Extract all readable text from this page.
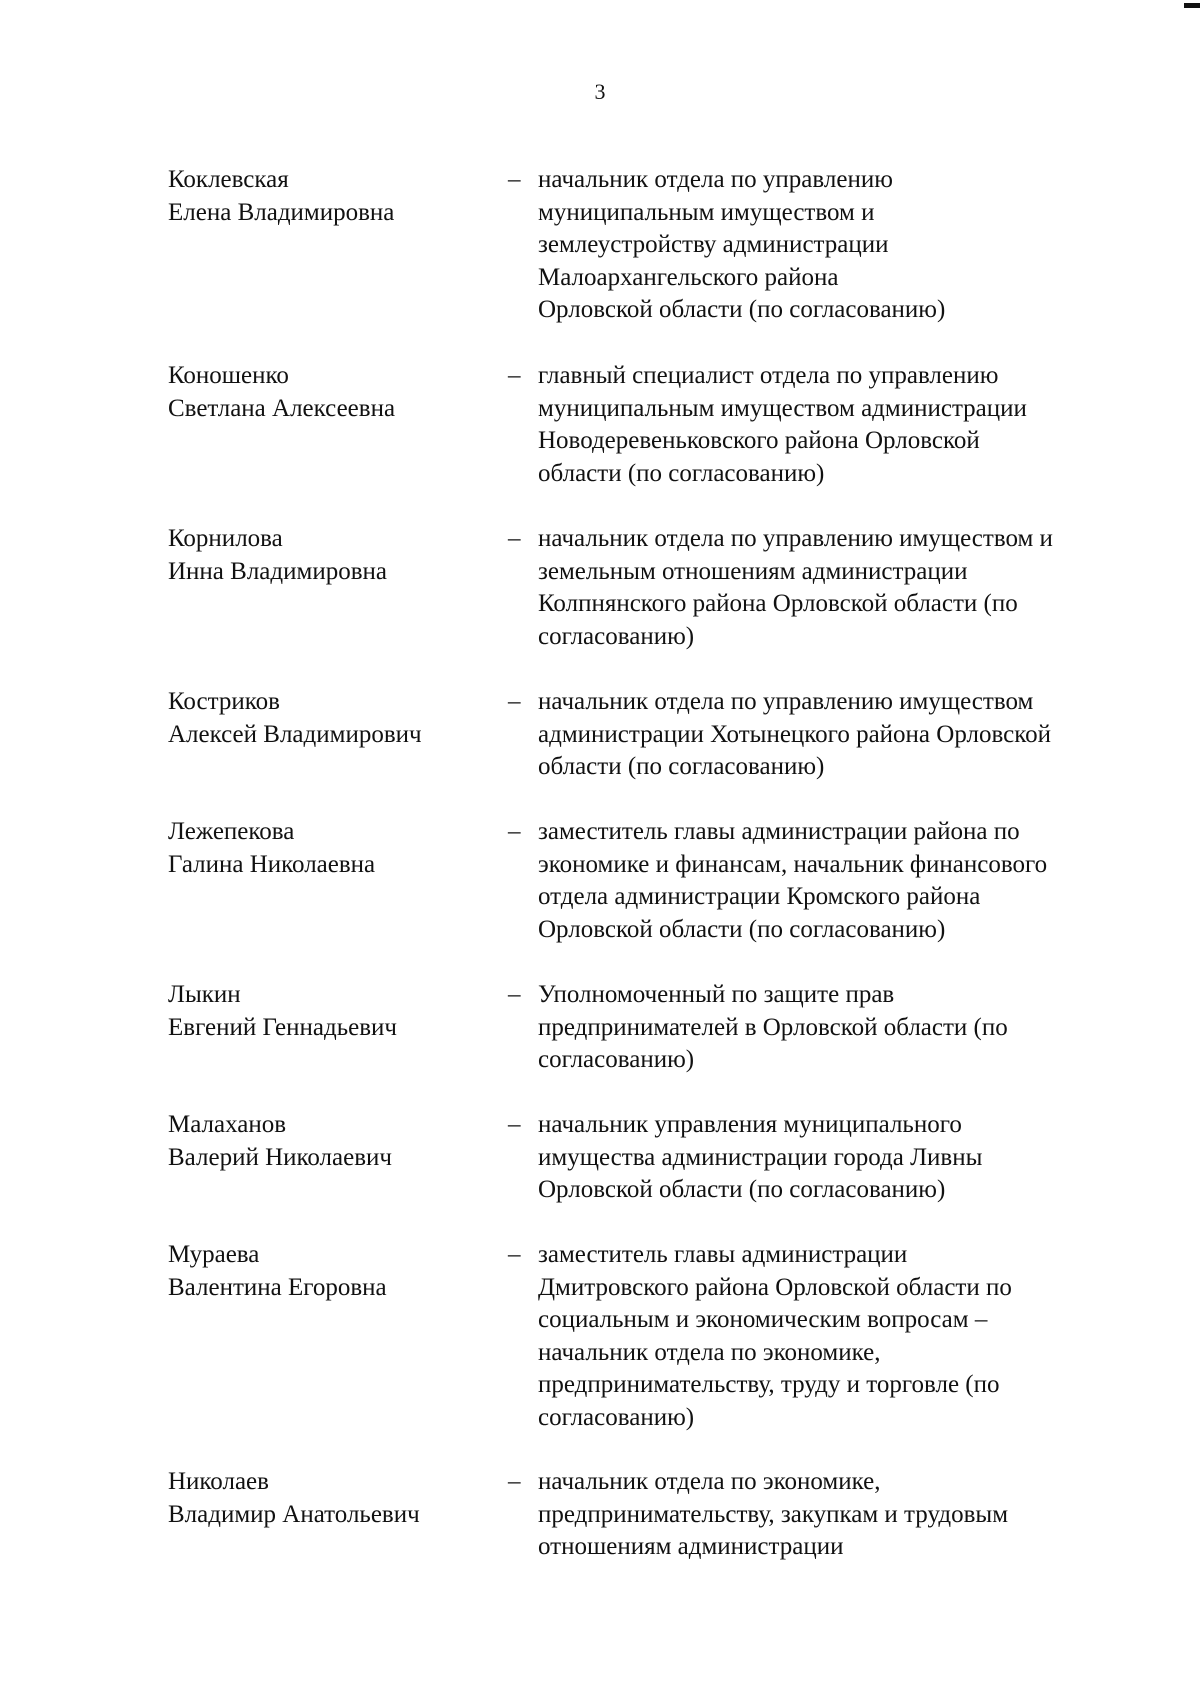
3
Коклевская
Елена Владимировна
– начальник отдела по управлению
муниципальным имуществом и
землеустройству администрации
Малоархангельского района
Орловской области (по согласованию)
Коношенко
Светлана Алексеевна
– главный специалист отдела по управлению
муниципальным имуществом администрации
Новодеревеньковского района Орловской
области (по согласованию)
Корнилова
Инна Владимировна
– начальник отдела по управлению имуществом и
земельным отношениям администрации
Колпнянского района Орловской области (по
согласованию)
Костриков
Алексей Владимирович
– начальник отдела по управлению имуществом
администрации Хотынецкого района Орловской
области (по согласованию)
Лежепекова
Галина Николаевна
– заместитель главы администрации района по
экономике и финансам, начальник финансового
отдела администрации Кромского района
Орловской области (по согласованию)
Лыкин
Евгений Геннадьевич
– Уполномоченный по защите прав
предпринимателей в Орловской области (по
согласованию)
Малаханов
Валерий Николаевич
– начальник управления муниципального
имущества администрации города Ливны
Орловской области (по согласованию)
Мураева
Валентина Егоровна
– заместитель главы администрации
Дмитровского района Орловской области по
социальным и экономическим вопросам –
начальник отдела по экономике,
предпринимательству, труду и торговле (по
согласованию)
Николаев
Владимир Анатольевич
– начальник отдела по экономике,
предпринимательству, закупкам и трудовым
отношениям администрации
